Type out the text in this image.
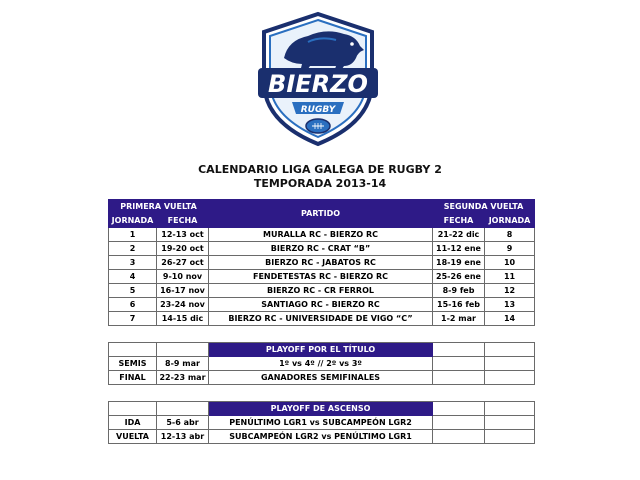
BIERZO
RUGBY
CALENDARIO LIGA GALEGA DE RUGBY 2
TEMPORADA 2013-14
PRIMERA VUELTA		PARTIDO	SEGUNDA VUELTA	
JORNADA	FECHA		FECHA	JORNADA
1	12-13 oct	MURALLA RC - BIERZO RC	21-22 dic	8
2	19-20 oct	BIERZO RC - CRAT “B”	11-12 ene	9
3	26-27 oct	BIERZO RC - JABATOS RC	18-19 ene	10
4	9-10 nov	FENDETESTAS RC - BIERZO RC	25-26 ene	11
5	16-17 nov	BIERZO RC - CR FERROL	8-9 feb	12
6	23-24 nov	SANTIAGO RC - BIERZO RC	15-16 feb	13
7	14-15 dic	BIERZO RC - UNIVERSIDADE DE VIGO “C”	1-2 mar	14

		PLAYOFF POR EL TÍTULO		
SEMIS	8-9 mar	1º vs 4º // 2º vs 3º		
FINAL	22-23 mar	GANADORES SEMIFINALES		

		PLAYOFF DE ASCENSO		
IDA	5-6 abr	PENÚLTIMO LGR1 vs SUBCAMPEÓN LGR2		
VUELTA	12-13 abr	SUBCAMPEÓN LGR2 vs PENÚLTIMO LGR1		
